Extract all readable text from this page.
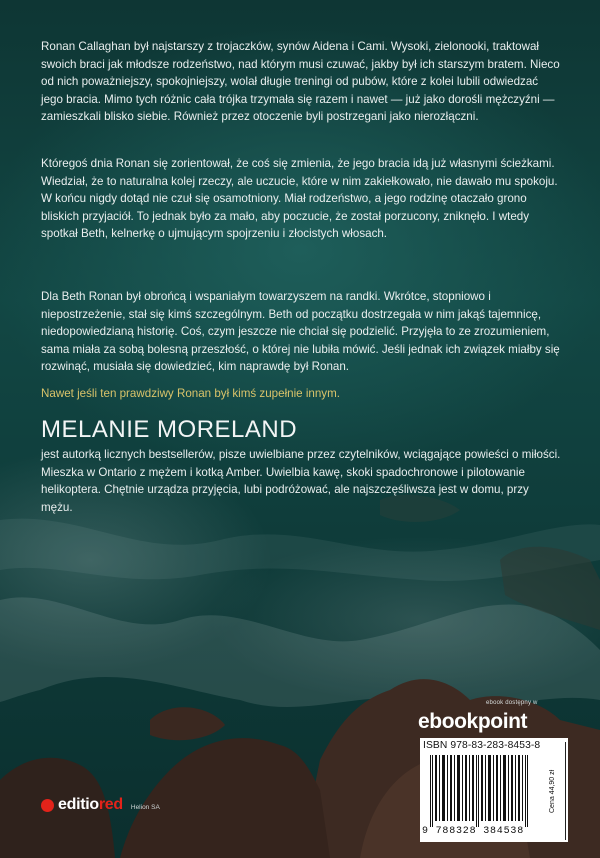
Ronan Callaghan był najstarszy z trojaczków, synów Aidena i Cami. Wysoki, zielonooki, traktował swoich braci jak młodsze rodzeństwo, nad którym musi czuwać, jakby był ich starszym bratem. Nieco od nich poważniejszy, spokojniejszy, wolał długie treningi od pubów, które z kolei lubili odwiedzać jego bracia. Mimo tych różnic cała trójka trzymała się razem i nawet — już jako dorośli mężczyźni — zamieszkali blisko siebie. Również przez otoczenie byli postrzegani jako nierozłączni.
Któregoś dnia Ronan się zorientował, że coś się zmienia, że jego bracia idą już własnymi ścieżkami. Wiedział, że to naturalna kolej rzeczy, ale uczucie, które w nim zakiełkowało, nie dawało mu spokoju. W końcu nigdy dotąd nie czuł się osamotniony. Miał rodzeństwo, a jego rodzinę otaczało grono bliskich przyjaciół. To jednak było za mało, aby poczucie, że został porzucony, zniknęło. I wtedy spotkał Beth, kelnerkę o ujmującym spojrzeniu i złocistych włosach.
Dla Beth Ronan był obrońcą i wspaniałym towarzyszem na randki. Wkrótce, stopniowo i niepostrzeżenie, stał się kimś szczególnym. Beth od początku dostrzegała w nim jakąś tajemnicę, niedopowiedzianą historię. Coś, czym jeszcze nie chciał się podzielić. Przyjęła to ze zrozumieniem, sama miała za sobą bolesną przeszłość, o której nie lubiła mówić. Jeśli jednak ich związek miałby się rozwinąć, musiała się dowiedzieć, kim naprawdę był Ronan.
Nawet jeśli ten prawdziwy Ronan był kimś zupełnie innym.
MELANIE MORELAND
jest autorką licznych bestsellerów, pisze uwielbiane przez czytelników, wciągające powieści o miłości. Mieszka w Ontario z mężem i kotką Amber. Uwielbia kawę, skoki spadochronowe i pilotowanie helikoptera. Chętnie urządza przyjęcia, lubi podróżować, ale najszczęśliwsza jest w domu, przy mężu.
ebook dostępny w
ebookpoint
ISBN 978-83-283-8453-8
Cena 44,90 zł
9 788328 384538
editiored Helion SA
